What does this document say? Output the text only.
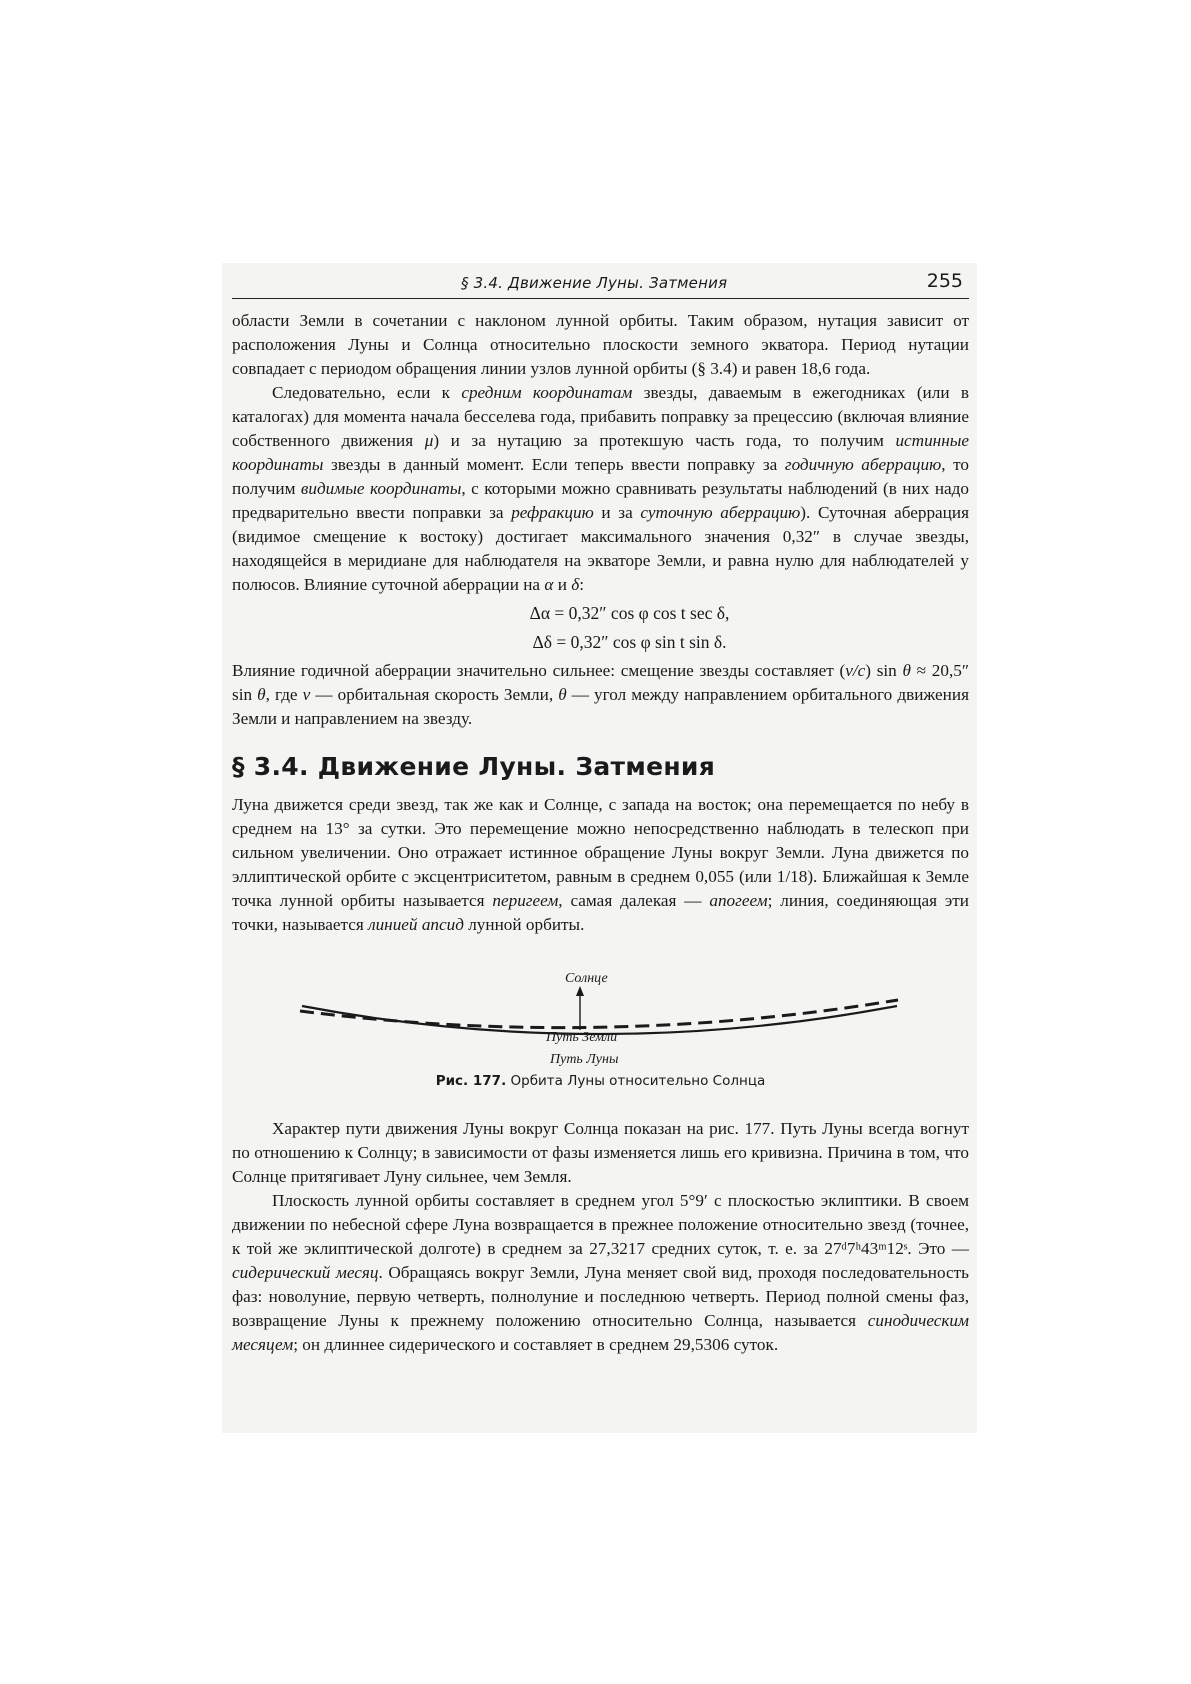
§ 3.4. Движение Луны. Затмения	255

области Земли в сочетании с наклоном лунной орбиты. Таким образом, нутация зависит от расположения Луны и Солнца относительно плоскости земного экватора. Период нутации совпадает с периодом обращения линии узлов лунной орбиты (§ 3.4) и равен 18,6 года.

Следовательно, если к средним координатам звезды, даваемым в ежегодниках (или в каталогах) для момента начала бесселева года, прибавить поправку за прецессию (включая влияние собственного движения μ) и за нутацию за протекшую часть года, то получим истинные координаты звезды в данный момент. Если теперь ввести поправку за годичную аберрацию, то получим видимые координаты, с которыми можно сравнивать результаты наблюдений (в них надо предварительно ввести поправки за рефракцию и за суточную аберрацию). Суточная аберрация (видимое смещение к востоку) достигает максимального значения 0,32″ в случае звезды, находящейся в меридиане для наблюдателя на экваторе Земли, и равна нулю для наблюдателей у полюсов. Влияние суточной аберрации на α и δ:

Δα = 0,32″ cos φ cos t sec δ,
Δδ = 0,32″ cos φ sin t sin δ.

Влияние годичной аберрации значительно сильнее: смещение звезды составляет (v/c) sin θ ≈ 20,5″ sin θ, где v — орбитальная скорость Земли, θ — угол между направлением орбитального движения Земли и направлением на звезду.

§ 3.4. Движение Луны. Затмения

Луна движется среди звезд, так же как и Солнце, с запада на восток; она перемещается по небу в среднем на 13° за сутки. Это перемещение можно непосредственно наблюдать в телескоп при сильном увеличении. Оно отражает истинное обращение Луны вокруг Земли. Луна движется по эллиптической орбите с эксцентриситетом, равным в среднем 0,055 (или 1/18). Ближайшая к Земле точка лунной орбиты называется перигеем, самая далекая — апогеем; линия, соединяющая эти точки, называется линией апсид лунной орбиты.

Солнце
Путь Земли
Путь Луны
Рис. 177. Орбита Луны относительно Солнца

Характер пути движения Луны вокруг Солнца показан на рис. 177. Путь Луны всегда вогнут по отношению к Солнцу; в зависимости от фазы изменяется лишь его кривизна. Причина в том, что Солнце притягивает Луну сильнее, чем Земля.

Плоскость лунной орбиты составляет в среднем угол 5°9′ с плоскостью эклиптики. В своем движении по небесной сфере Луна возвращается в прежнее положение относительно звезд (точнее, к той же эклиптической долготе) в среднем за 27,3217 средних суток, т. е. за 27ᵈ7ʰ43ᵐ12ˢ. Это — сидерический месяц. Обращаясь вокруг Земли, Луна меняет свой вид, проходя последовательность фаз: новолуние, первую четверть, полнолуние и последнюю четверть. Период полной смены фаз, возвращение Луны к прежнему положению относительно Солнца, называется синодическим месяцем; он длиннее сидерического и составляет в среднем 29,5306 суток.
